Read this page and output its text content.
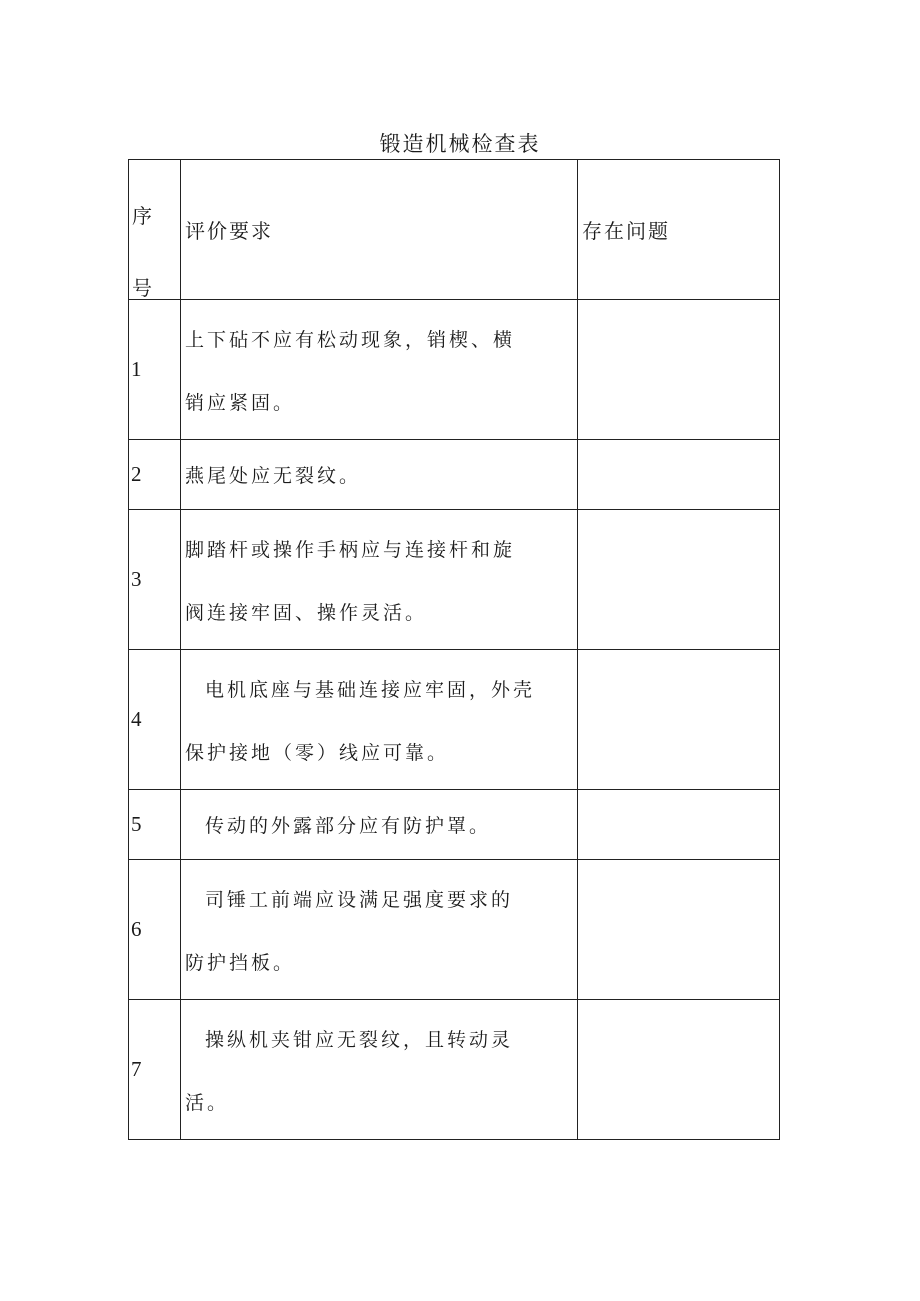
锻造机械检查表
序
号	评价要求	存在问题
1	上下砧不应有松动现象，销楔、横
销应紧固。	

2	燕尾处应无裂纹。	

3	脚踏杆或操作手柄应与连接杆和旋
阀连接牢固、操作灵活。	

4	电机底座与基础连接应牢固，外壳
保护接地（零）线应可靠。	

5	传动的外露部分应有防护罩。	

6	司锤工前端应设满足强度要求的
防护挡板。	

7	操纵机夹钳应无裂纹，且转动灵
活。	
